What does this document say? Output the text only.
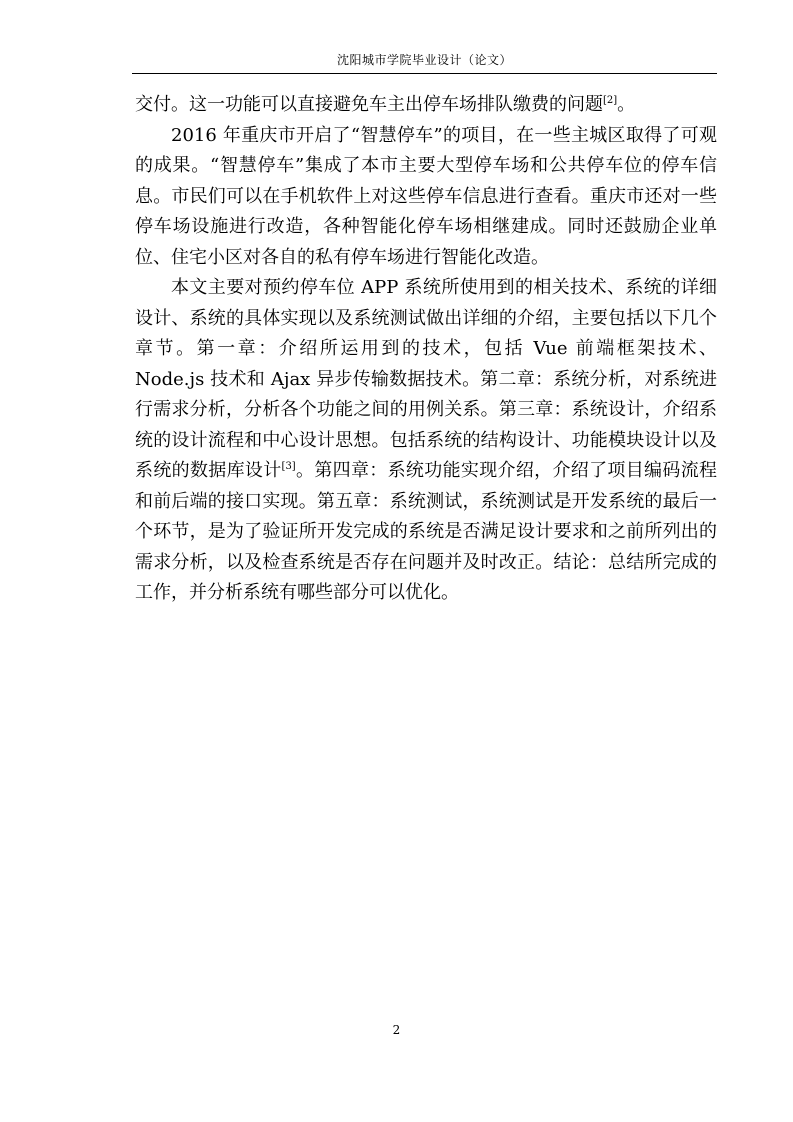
沈阳城市学院毕业设计（论文）

交付。这一功能可以直接避免车主出停车场排队缴费的问题[2]。

2016 年重庆市开启了“智慧停车”的项目，在一些主城区取得了可观的成果。“智慧停车”集成了本市主要大型停车场和公共停车位的停车信息。市民们可以在手机软件上对这些停车信息进行查看。重庆市还对一些停车场设施进行改造，各种智能化停车场相继建成。同时还鼓励企业单位、住宅小区对各自的私有停车场进行智能化改造。

本文主要对预约停车位 APP 系统所使用到的相关技术、系统的详细设计、系统的具体实现以及系统测试做出详细的介绍，主要包括以下几个章节。第一章：介绍所运用到的技术，包括 Vue 前端框架技术、Node.js 技术和 Ajax 异步传输数据技术。第二章：系统分析，对系统进行需求分析，分析各个功能之间的用例关系。第三章：系统设计，介绍系统的设计流程和中心设计思想。包括系统的结构设计、功能模块设计以及系统的数据库设计[3]。第四章：系统功能实现介绍，介绍了项目编码流程和前后端的接口实现。第五章：系统测试，系统测试是开发系统的最后一个环节，是为了验证所开发完成的系统是否满足设计要求和之前所列出的需求分析，以及检查系统是否存在问题并及时改正。结论：总结所完成的工作，并分析系统有哪些部分可以优化。

2
